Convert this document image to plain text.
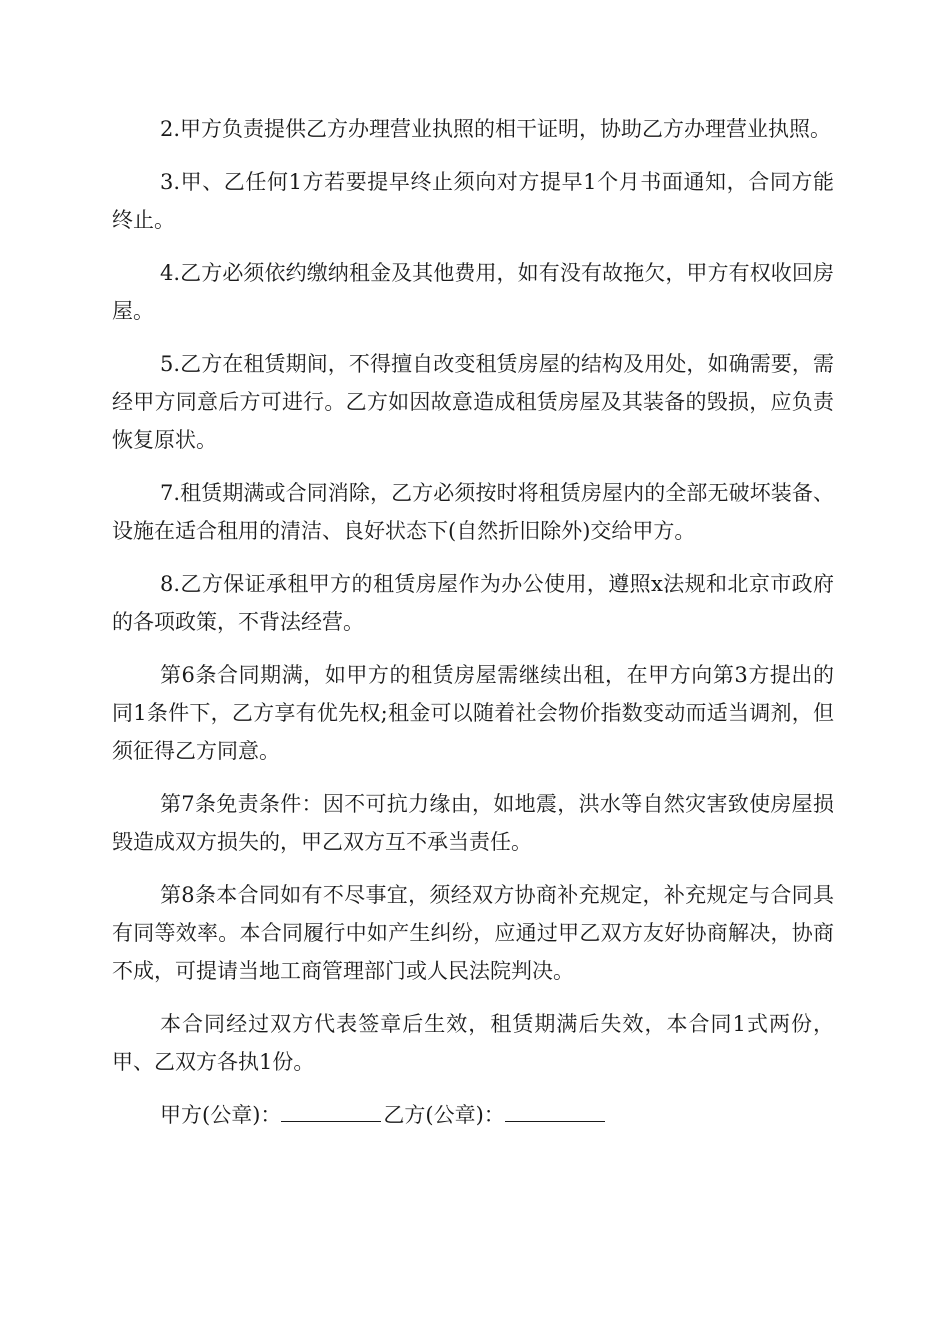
2.甲方负责提供乙方办理营业执照的相干证明，协助乙方办理营业执照。

3.甲、乙任何1方若要提早终止须向对方提早1个月书面通知，合同方能终止。

4.乙方必须依约缴纳租金及其他费用，如有没有故拖欠，甲方有权收回房屋。

5.乙方在租赁期间，不得擅自改变租赁房屋的结构及用处，如确需要，需经甲方同意后方可进行。乙方如因故意造成租赁房屋及其装备的毁损，应负责恢复原状。

7.租赁期满或合同消除，乙方必须按时将租赁房屋内的全部无破坏装备、设施在适合租用的清洁、良好状态下(自然折旧除外)交给甲方。

8.乙方保证承租甲方的租赁房屋作为办公使用，遵照x法规和北京市政府的各项政策，不背法经营。

第6条合同期满，如甲方的租赁房屋需继续出租，在甲方向第3方提出的同1条件下，乙方享有优先权;租金可以随着社会物价指数变动而适当调剂，但须征得乙方同意。

第7条免责条件：因不可抗力缘由，如地震，洪水等自然灾害致使房屋损毁造成双方损失的，甲乙双方互不承当责任。

第8条本合同如有不尽事宜，须经双方协商补充规定，补充规定与合同具有同等效率。本合同履行中如产生纠纷，应通过甲乙双方友好协商解决，协商不成，可提请当地工商管理部门或人民法院判决。

本合同经过双方代表签章后生效，租赁期满后失效，本合同1式两份，甲、乙双方各执1份。

甲方(公章)：	乙方(公章)：
